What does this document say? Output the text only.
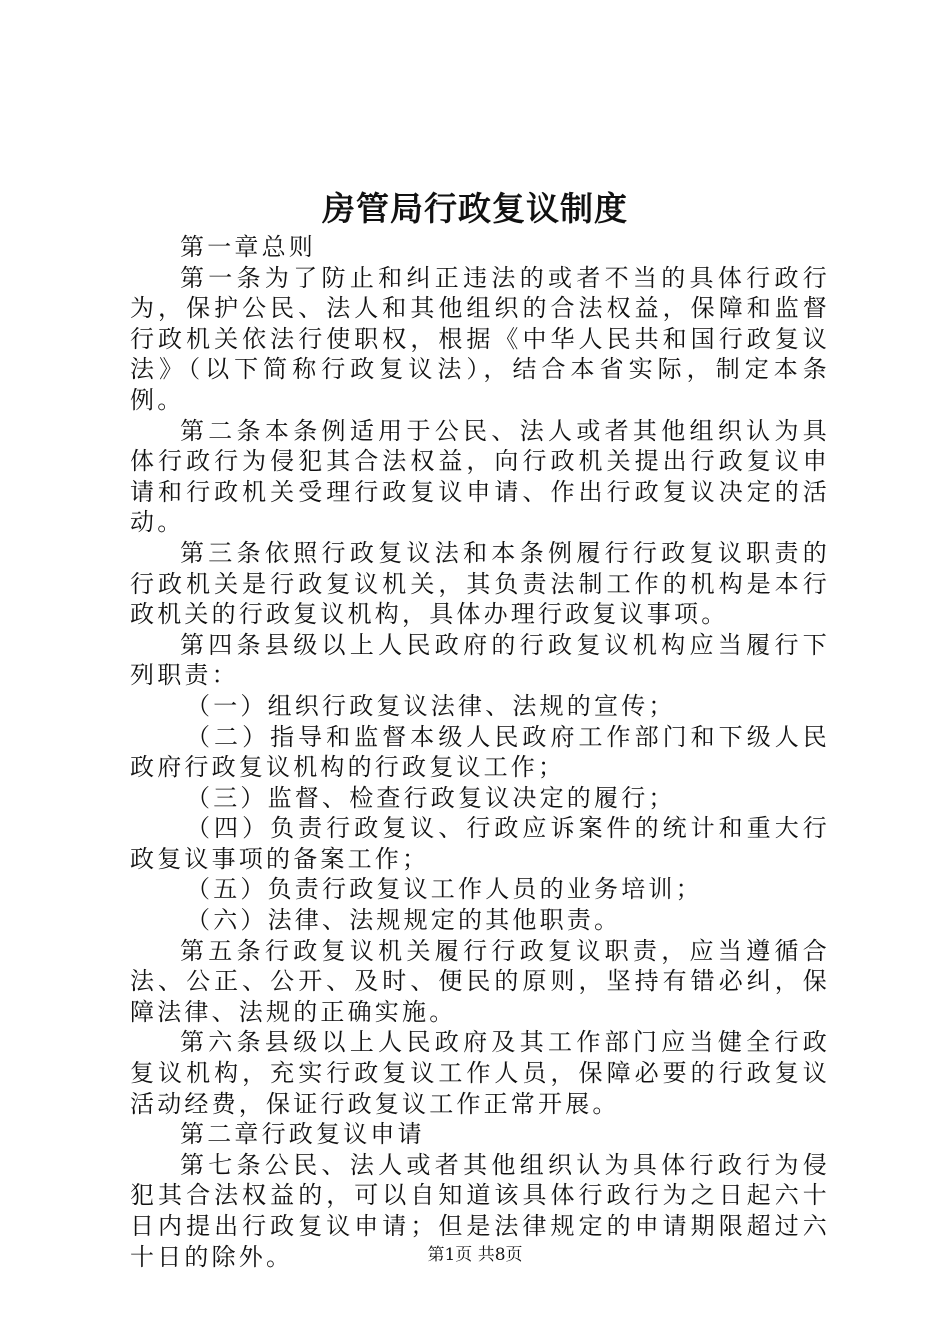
房管局行政复议制度

第一章总则

第一条为了防止和纠正违法的或者不当的具体行政行为，保护公民、法人和其他组织的合法权益，保障和监督行政机关依法行使职权，根据《中华人民共和国行政复议法》（以下简称行政复议法），结合本省实际，制定本条例。

第二条本条例适用于公民、法人或者其他组织认为具体行政行为侵犯其合法权益，向行政机关提出行政复议申请和行政机关受理行政复议申请、作出行政复议决定的活动。

第三条依照行政复议法和本条例履行行政复议职责的行政机关是行政复议机关，其负责法制工作的机构是本行政机关的行政复议机构，具体办理行政复议事项。

第四条县级以上人民政府的行政复议机构应当履行下列职责：

（一）组织行政复议法律、法规的宣传；

（二）指导和监督本级人民政府工作部门和下级人民政府行政复议机构的行政复议工作；

（三）监督、检查行政复议决定的履行；

（四）负责行政复议、行政应诉案件的统计和重大行政复议事项的备案工作；

（五）负责行政复议工作人员的业务培训；

（六）法律、法规规定的其他职责。

第五条行政复议机关履行行政复议职责，应当遵循合法、公正、公开、及时、便民的原则，坚持有错必纠，保障法律、法规的正确实施。

第六条县级以上人民政府及其工作部门应当健全行政复议机构，充实行政复议工作人员，保障必要的行政复议活动经费，保证行政复议工作正常开展。

第二章行政复议申请

第七条公民、法人或者其他组织认为具体行政行为侵犯其合法权益的，可以自知道该具体行政行为之日起六十日内提出行政复议申请；但是法律规定的申请期限超过六十日的除外。	第1页 共8页
